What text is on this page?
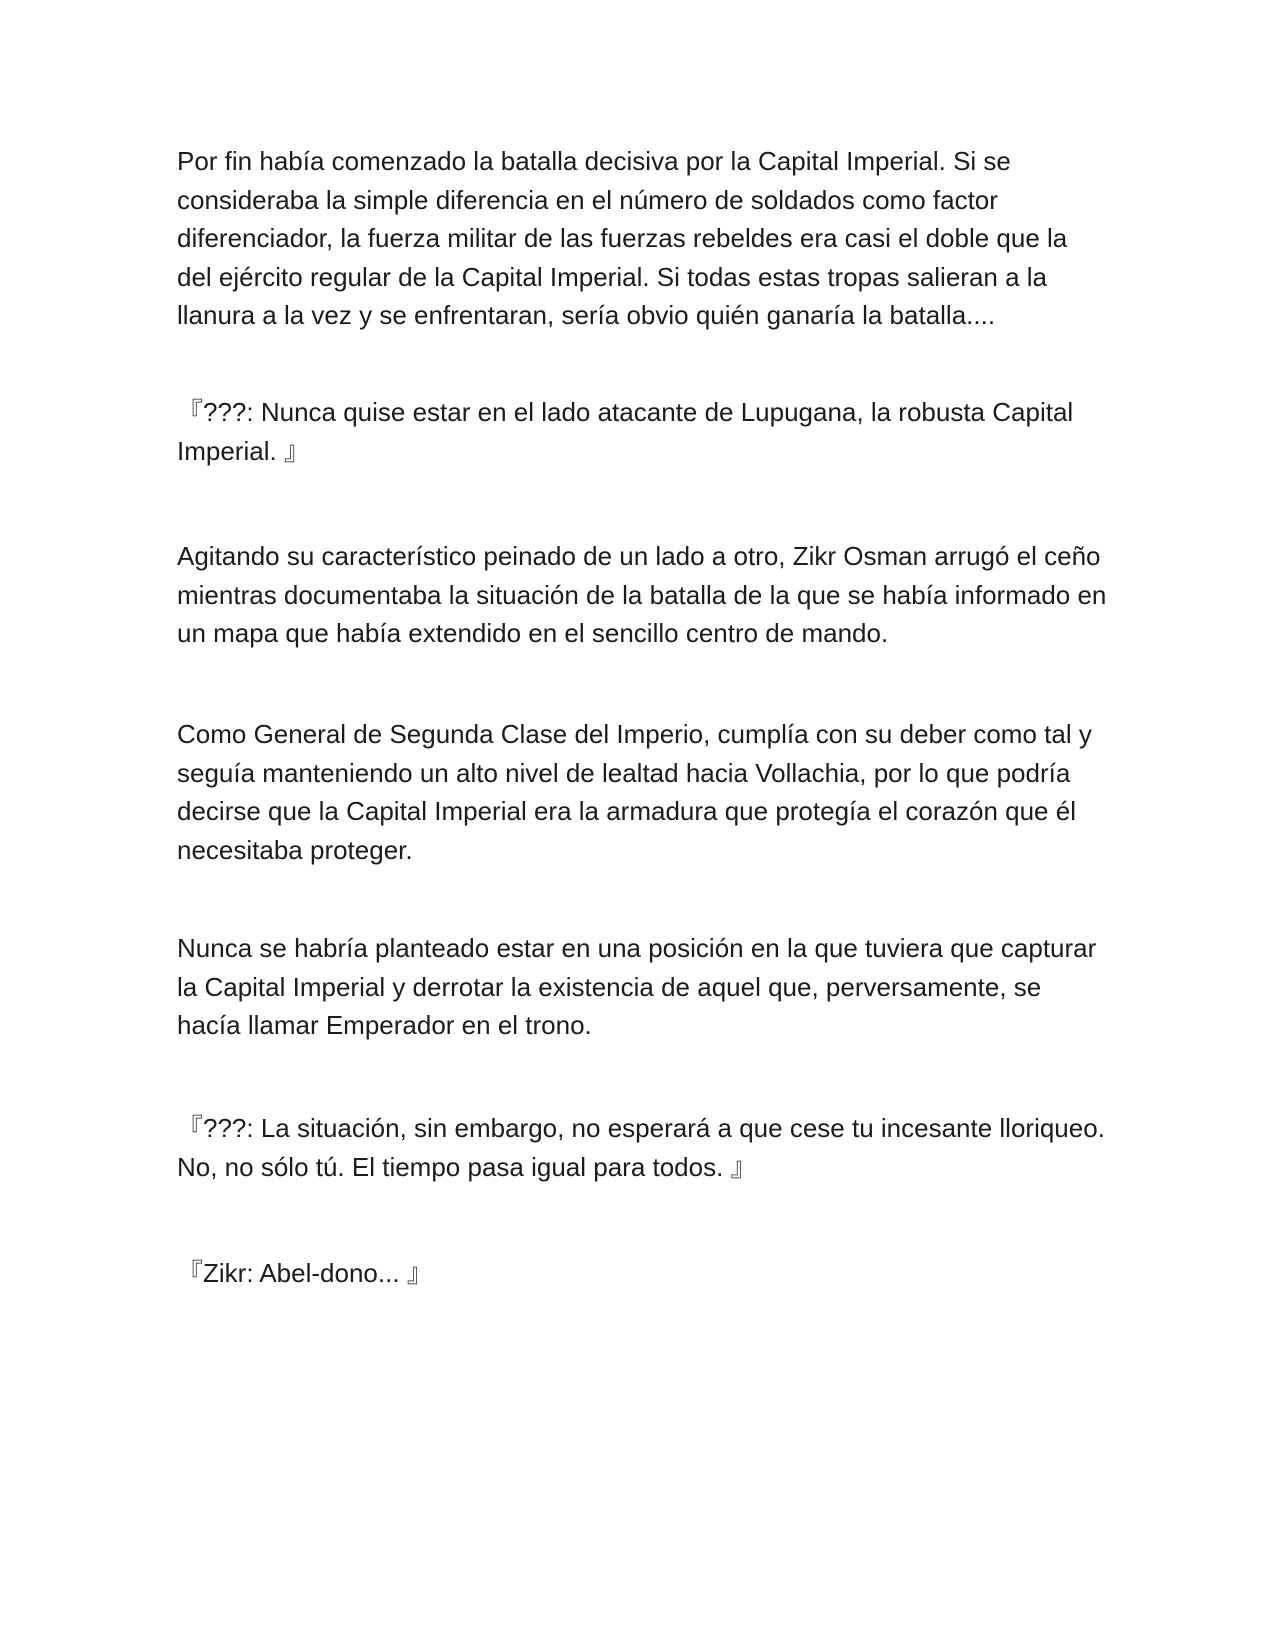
Por fin había comenzado la batalla decisiva por la Capital Imperial. Si se consideraba la simple diferencia en el número de soldados como factor diferenciador, la fuerza militar de las fuerzas rebeldes era casi el doble que la del ejército regular de la Capital Imperial. Si todas estas tropas salieran a la llanura a la vez y se enfrentaran, sería obvio quién ganaría la batalla....

『???: Nunca quise estar en el lado atacante de Lupugana, la robusta Capital Imperial. 』

Agitando su característico peinado de un lado a otro, Zikr Osman arrugó el ceño mientras documentaba la situación de la batalla de la que se había informado en un mapa que había extendido en el sencillo centro de mando.

Como General de Segunda Clase del Imperio, cumplía con su deber como tal y seguía manteniendo un alto nivel de lealtad hacia Vollachia, por lo que podría decirse que la Capital Imperial era la armadura que protegía el corazón que él necesitaba proteger.

Nunca se habría planteado estar en una posición en la que tuviera que capturar la Capital Imperial y derrotar la existencia de aquel que, perversamente, se hacía llamar Emperador en el trono.

『???: La situación, sin embargo, no esperará a que cese tu incesante lloriqueo. No, no sólo tú. El tiempo pasa igual para todos. 』

『Zikr: Abel-dono... 』
